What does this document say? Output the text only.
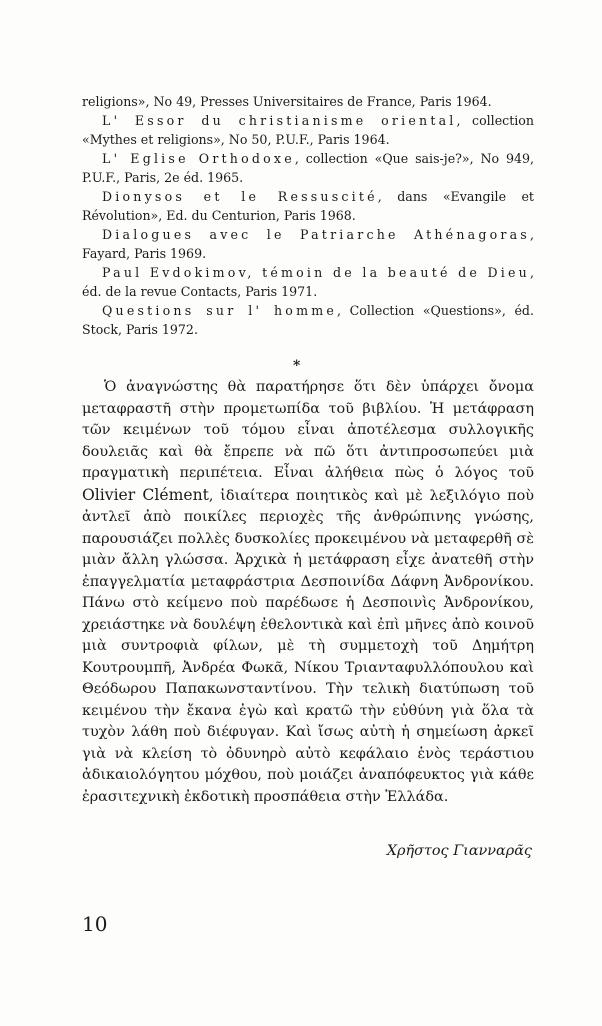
religions», No 49, Presses Universitaires de France, Paris 1964.

L' Essor du christianisme oriental, collection «Mythes et religions», No 50, P.U.F., Paris 1964.

L' Eglise Orthodoxe, collection «Que sais-je?», No 949, P.U.F., Paris, 2e éd. 1965.

Dionysos et le Ressuscité, dans «Evangile et Révolution», Ed. du Centurion, Paris 1968.

Dialogues avec le Patriarche Athénagoras, Fayard, Paris 1969.

Paul Evdokimov, témoin de la beauté de Dieu, éd. de la revue Contacts, Paris 1971.

Questions sur l' homme, Collection «Questions», éd. Stock, Paris 1972.

*

Ὁ ἀναγνώστης θὰ παρατήρησε ὅτι δὲν ὑπάρχει ὄνομα μεταφραστῆ στὴν προμετωπίδα τοῦ βιβλίου. Ἡ μετάφραση τῶν κειμένων τοῦ τόμου εἶναι ἀποτέλεσμα συλλογικῆς δουλειᾶς καὶ θὰ ἔπρεπε νὰ πῶ ὅτι ἀντιπροσωπεύει μιὰ πραγματικὴ περιπέτεια. Εἶναι ἀλήθεια πὼς ὁ λόγος τοῦ Olivier Clément, ἰδιαίτερα ποιητικὸς καὶ μὲ λεξιλόγιο ποὺ ἀντλεῖ ἀπὸ ποικίλες περιοχὲς τῆς ἀνθρώπινης γνώσης, παρουσιάζει πολλὲς δυσκολίες προκειμένου νὰ μεταφερθῆ σὲ μιὰν ἄλλη γλώσσα. Ἀρχικὰ ἡ μετάφραση εἶχε ἀνατεθῆ στὴν ἐπαγγελματία μεταφράστρια Δεσποινίδα Δάφνη Ἀνδρονίκου. Πάνω στὸ κείμενο ποὺ παρέδωσε ἡ Δεσποινὶς Ἀνδρονίκου, χρειάστηκε νὰ δουλέψη ἐθελοντικὰ καὶ ἐπὶ μῆνες ἀπὸ κοινοῦ μιὰ συντροφιὰ φίλων, μὲ τὴ συμμετοχὴ τοῦ Δημήτρη Κουτρουμπῆ, Ἀνδρέα Φωκᾶ, Νίκου Τριανταφυλλόπουλου καὶ Θεόδωρου Παπακωνσταντίνου. Τὴν τελικὴ διατύπωση τοῦ κειμένου τὴν ἔκανα ἐγὼ καὶ κρατῶ τὴν εὐθύνη γιὰ ὅλα τὰ τυχὸν λάθη ποὺ διέφυγαν. Καὶ ἴσως αὐτὴ ἡ σημείωση ἀρκεῖ γιὰ νὰ κλείση τὸ ὀδυνηρὸ αὐτὸ κεφάλαιο ἑνὸς τεράστιου ἀδικαιολόγητου μόχθου, ποὺ μοιάζει ἀναπόφευκτος γιὰ κάθε ἐρασιτεχνικὴ ἐκδοτικὴ προσπάθεια στὴν Ἑλλάδα.

Χρῆστος Γιανναρᾶς
10
